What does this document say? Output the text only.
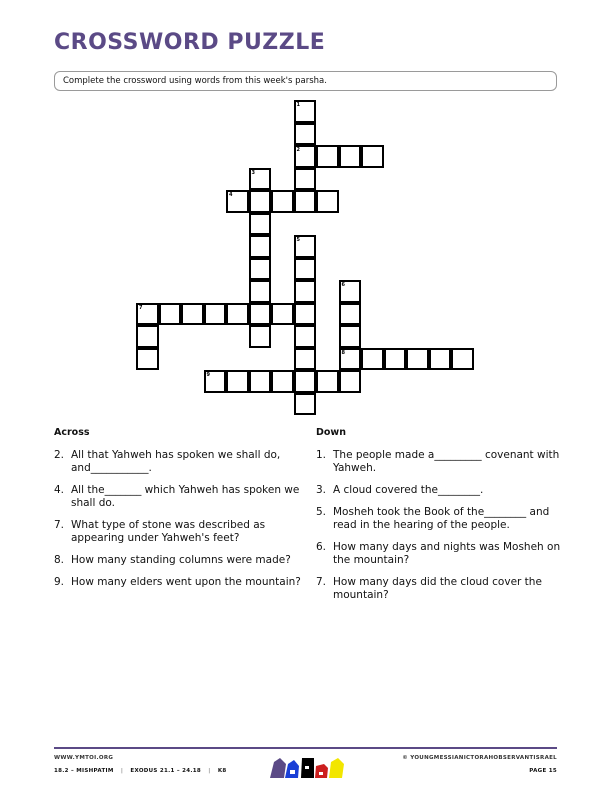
CROSSWORD PUZZLE
Complete the crossword using words from this week's parsha.
1
2
3
4
5
6
7
8
9
Across
2. All that Yahweh has spoken we shall do, and___________.
4. All the_______ which Yahweh has spoken we shall do.
7. What type of stone was described as appearing under Yahweh's feet?
8. How many standing columns were made?
9. How many elders went upon the mountain?
Down
1. The people made a_________ covenant with Yahweh.
3. A cloud covered the________.
5. Mosheh took the Book of the________ and read in the hearing of the people.
6. How many days and nights was Mosheh on the mountain?
7. How many days did the cloud cover the mountain?
WWW.YMTOI.ORG
18.2 – MISHPATIM | EXODUS 21.1 – 24.18 | K8
© YOUNGMESSIANICTORAHOBSERVANTISRAEL
PAGE 15
